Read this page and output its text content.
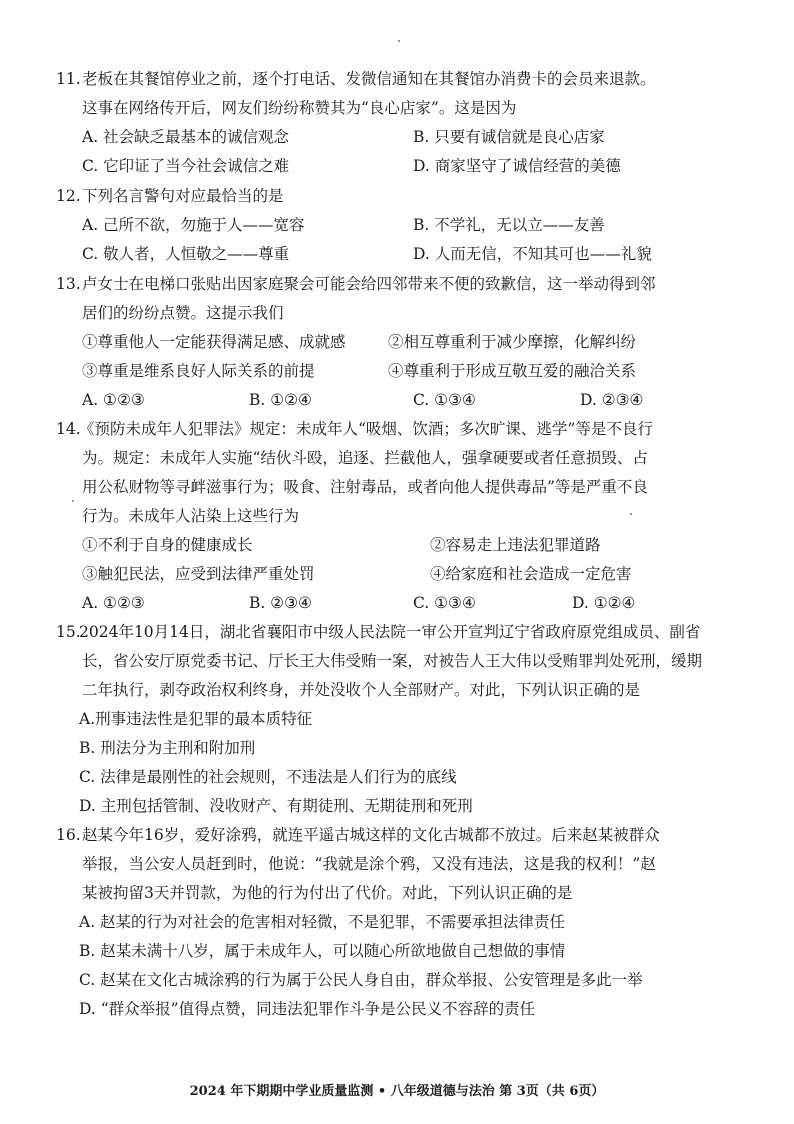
11. 老板在其餐馆停业之前，逐个打电话、发微信通知在其餐馆办消费卡的会员来退款。
这事在网络传开后，网友们纷纷称赞其为“良心店家”。这是因为
A. 社会缺乏最基本的诚信观念	B. 只要有诚信就是良心店家
C. 它印证了当今社会诚信之难	D. 商家坚守了诚信经营的美德
12. 下列名言警句对应最恰当的是
A. 己所不欲，勿施于人——宽容	B. 不学礼，无以立——友善
C. 敬人者，人恒敬之——尊重	D. 人而无信，不知其可也——礼貌
13. 卢女士在电梯口张贴出因家庭聚会可能会给四邻带来不便的致歉信，这一举动得到邻
居们的纷纷点赞。这提示我们
①尊重他人一定能获得满足感、成就感	②相互尊重利于减少摩擦，化解纠纷
③尊重是维系良好人际关系的前提	④尊重利于形成互敬互爱的融洽关系
A. ①②③	B. ①②④	C. ①③④	D. ②③④
14.
《预防未成年人犯罪法》规定：未成年人“吸烟、饮酒；多次旷课、逃学”等是不良行
为。规定：未成年人实施“结伙斗殴，追逐、拦截他人，强拿硬要或者任意损毁、占
用公私财物等寻衅滋事行为；吸食、注射毒品，或者向他人提供毒品”等是严重不良
行为。未成年人沾染上这些行为
①不利于自身的健康成长	②容易走上违法犯罪道路
③触犯民法，应受到法律严重处罚	④给家庭和社会造成一定危害
A. ①②③	B. ②③④	C. ①③④	D. ①②④
15.
2024年10月14日，湖北省襄阳市中级人民法院一审公开宣判辽宁省政府原党组成员、副省
长，省公安厅原党委书记、厅长王大伟受贿一案，对被告人王大伟以受贿罪判处死刑，缓期
二年执行，剥夺政治权利终身，并处没收个人全部财产。对此，下列认识正确的是
A.刑事违法性是犯罪的最本质特征
B. 刑法分为主刑和附加刑
C. 法律是最刚性的社会规则，不违法是人们行为的底线
D. 主刑包括管制、没收财产、有期徒刑、无期徒刑和死刑
16. 赵某今年16岁，爱好涂鸦，就连平遥古城这样的文化古城都不放过。后来赵某被群众
举报，当公安人员赶到时，他说：“我就是涂个鸦，又没有违法，这是我的权利！”赵
某被拘留3天并罚款，为他的行为付出了代价。对此，下列认识正确的是
A. 赵某的行为对社会的危害相对轻微，不是犯罪，不需要承担法律责任
B. 赵某未满十八岁，属于未成年人，可以随心所欲地做自己想做的事情
C. 赵某在文化古城涂鸦的行为属于公民人身自由，群众举报、公安管理是多此一举
D. “群众举报”值得点赞，同违法犯罪作斗争是公民义不容辞的责任
2024 年下期期中学业质量监测 • 八年级道德与法治 第 3页（共 6页）
